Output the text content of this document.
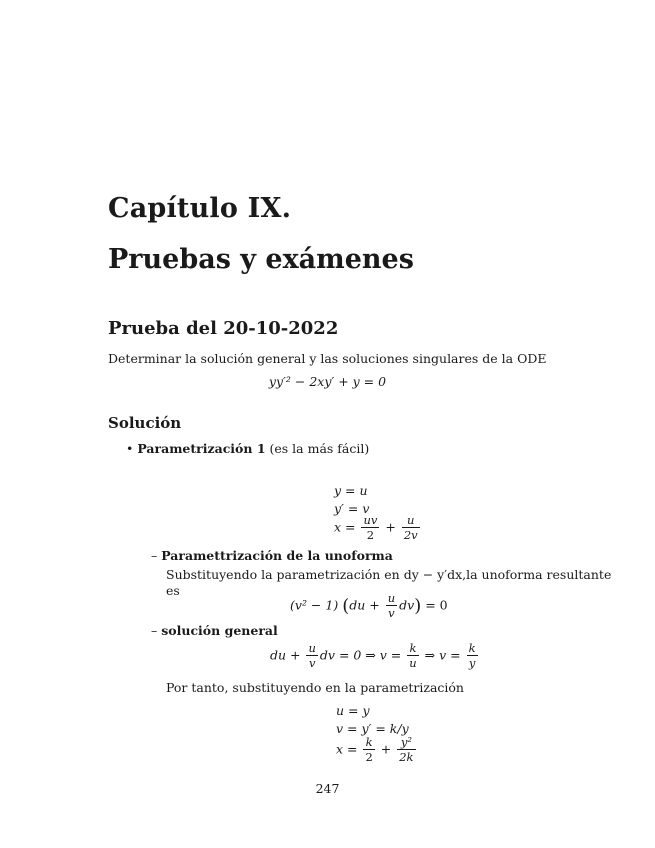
Capítulo IX.
Pruebas y exámenes
Prueba del 20-10-2022
Determinar la solución general y las soluciones singulares de la ODE
yy′² − 2xy′ + y = 0
Solución
• Parametrización 1 (es la más fácil)
y = u
y′ = v
$x = \frac{uv}{2} + \frac{u}{2v}$
– Paramettrización de la unoforma
Substituyendo la parametrización en dy − y′dx,la unoforma resultante
es
(v² − 1) $(du + \frac{u}{v} dv) = 0$
– solución general
du + $\frac{u}{v}$ dv = 0 ⇒ $v = \frac{k}{u}$ ⇒ $v = \frac{k}{y}$
Por tanto, substituyendo en la parametrización
u = y
v = y′ = k/y
$x = \frac{k}{2} + \frac{\text{y²}}{2k}$
247
